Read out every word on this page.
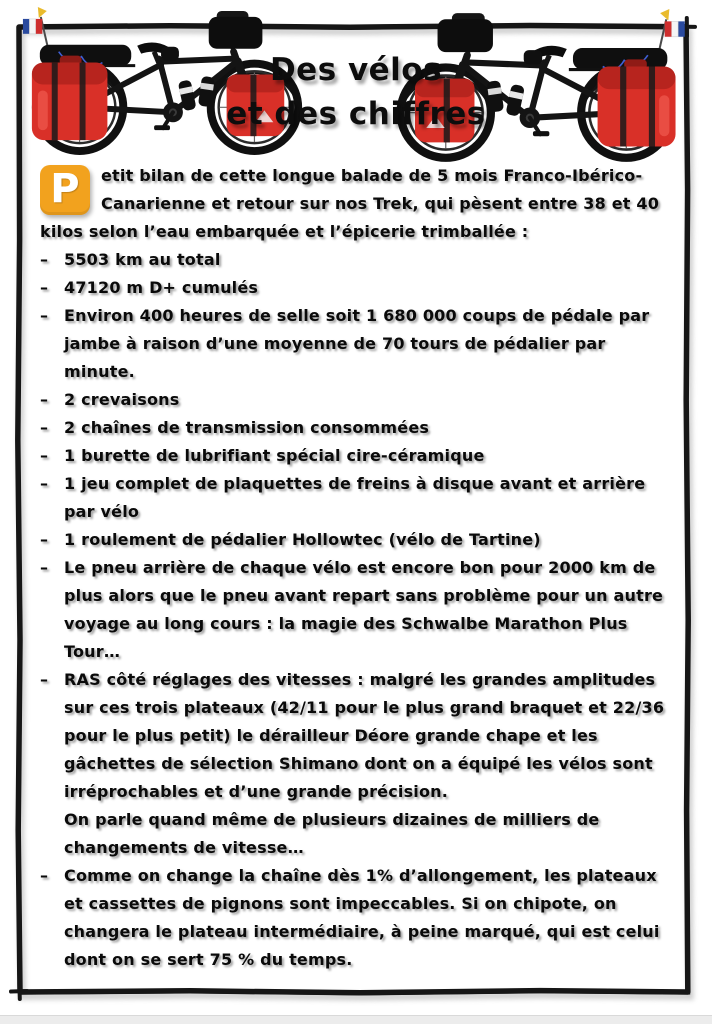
Des vélos
et des chiffres

P	etit bilan de cette longue balade de 5 mois Franco-Ibérico-Canarienne et retour sur nos Trek, qui pèsent entre 38 et 40 kilos selon l’eau embarquée et l’épicerie trimballée :

– 5503 km au total
– 47120 m D+ cumulés
– Environ 400 heures de selle soit 1 680 000 coups de pédale par jambe à raison d’une moyenne de 70 tours de pédalier par minute.
– 2 crevaisons
– 2 chaînes de transmission consommées
– 1 burette de lubrifiant spécial cire-céramique
– 1 jeu complet de plaquettes de freins à disque avant et arrière par vélo
– 1 roulement de pédalier Hollowtec (vélo de Tartine)
– Le pneu arrière de chaque vélo est encore bon pour 2000 km de plus alors que le pneu avant repart sans problème pour un autre voyage au long cours : la magie des Schwalbe Marathon Plus Tour…
– RAS côté réglages des vitesses : malgré les grandes amplitudes sur ces trois plateaux (42/11 pour le plus grand braquet et 22/36 pour le plus petit) le dérailleur Déore grande chape et les gâchettes de sélection Shimano dont on a équipé les vélos sont irréprochables et d’une grande précision.
On parle quand même de plusieurs dizaines de milliers de changements de vitesse…
– Comme on change la chaîne dès 1% d’allongement, les plateaux et cassettes de pignons sont impeccables. Si on chipote, on changera le plateau intermédiaire, à peine marqué, qui est celui dont on se sert 75 % du temps.
